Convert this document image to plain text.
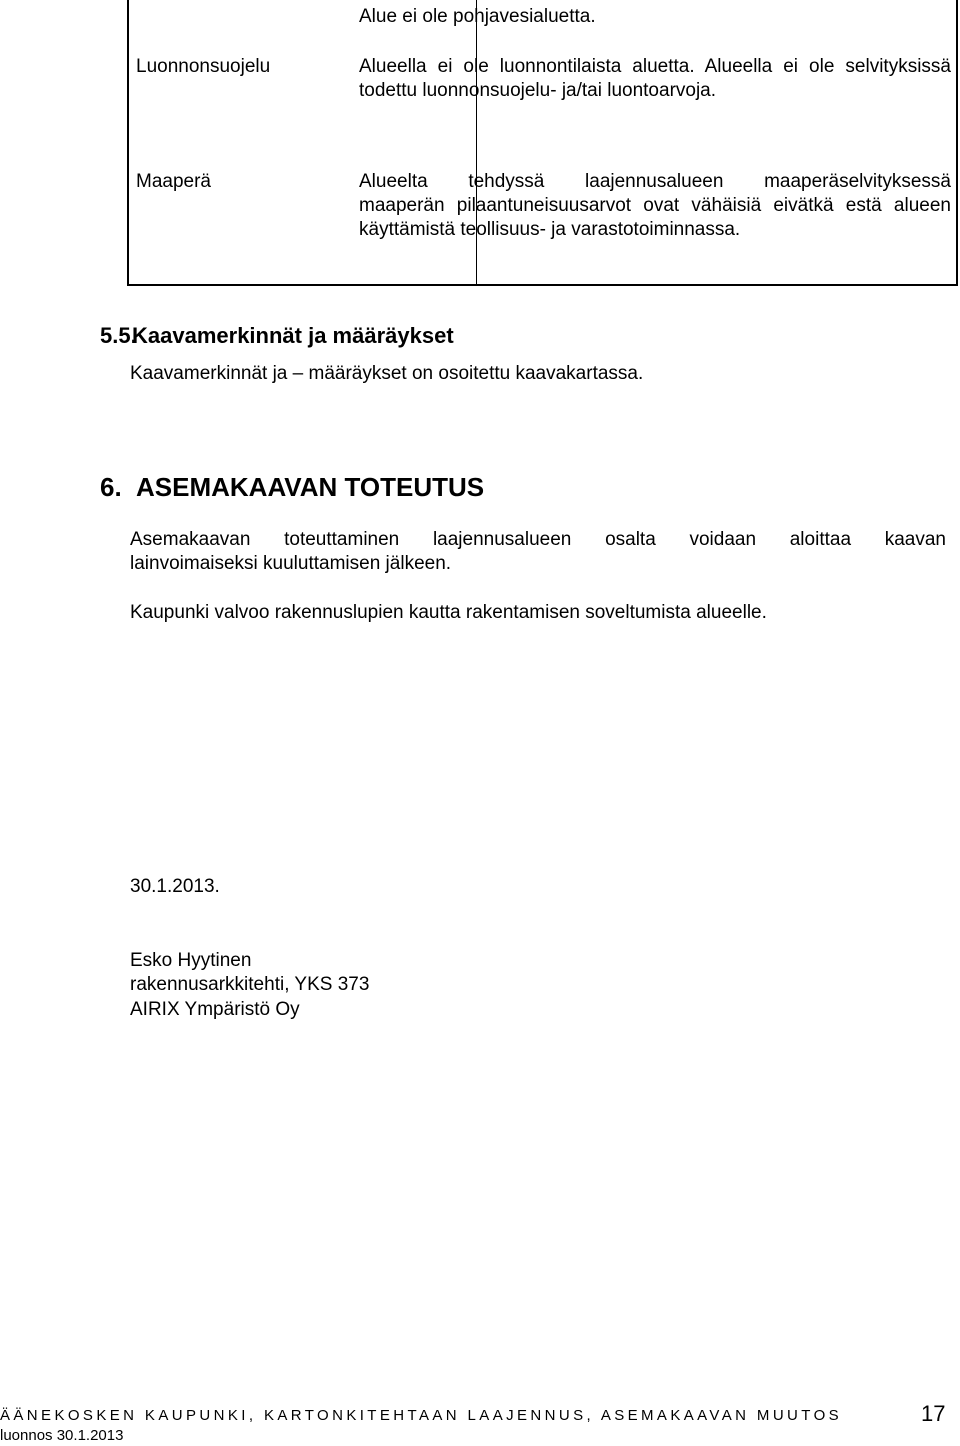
Alue ei ole pohjavesialuetta.
Luonnonsuojelu	Alueella ei ole luonnontilaista aluetta. Alueella ei ole selvityksissä
todettu luonnonsuojelu- ja/tai luontoarvoja.
Maaperä	Alueelta tehdyssä laajennusalueen maaperäselvityksessä
maaperän pilaantuneisuusarvot ovat vähäisiä eivätkä estä alueen
käyttämistä teollisuus- ja varastotoiminnassa.
5.5.Kaavamerkinnät ja määräykset
Kaavamerkinnät ja – määräykset on osoitettu kaavakartassa.
6. ASEMAKAAVAN TOTEUTUS
Asemakaavan toteuttaminen laajennusalueen osalta voidaan aloittaa kaavan
lainvoimaiseksi kuuluttamisen jälkeen.
Kaupunki valvoo rakennuslupien kautta rakentamisen soveltumista alueelle.
30.1.2013.
Esko Hyytinen
rakennusarkkitehti, YKS 373
AIRIX Ympäristö Oy
ÄÄNEKOSKEN KAUPUNKI, KARTONKITEHTAAN LAAJENNUS, ASEMAKAAVAN MUUTOS	17
luonnos 30.1.2013
